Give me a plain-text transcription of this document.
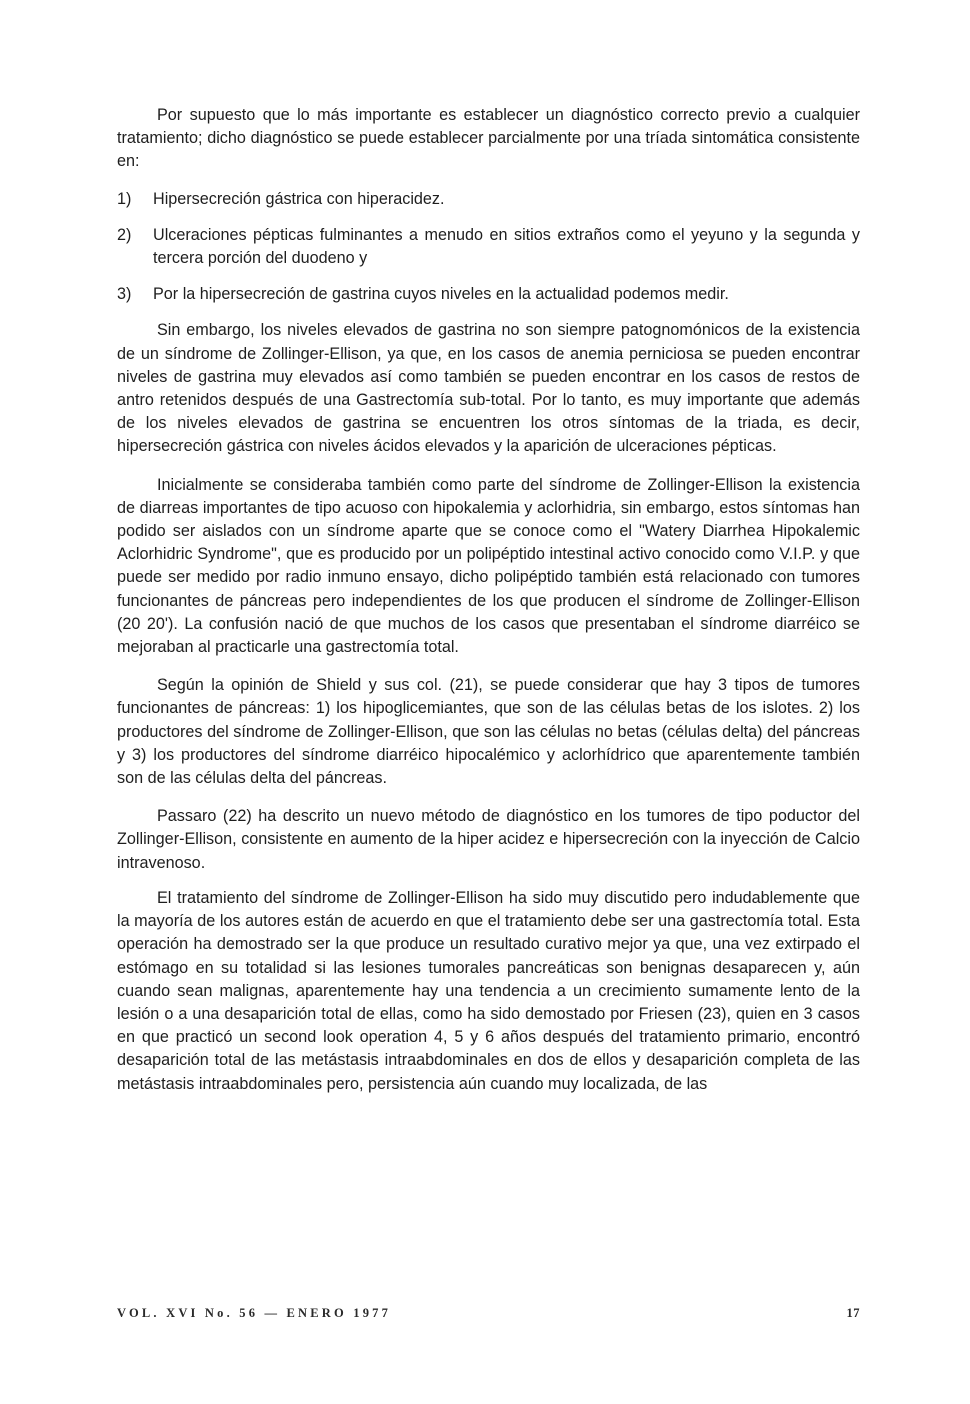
Por supuesto que lo más importante es establecer un diagnóstico correcto previo a cualquier tratamiento; dicho diagnóstico se puede establecer parcialmente por una tríada sintomática consistente en:

1)	Hipersecreción gástrica con hiperacidez.
2)	Ulceraciones pépticas fulminantes a menudo en sitios extraños como el yeyuno y la segunda y tercera porción del duodeno y
3)	Por la hipersecreción de gastrina cuyos niveles en la actualidad podemos medir.

Sin embargo, los niveles elevados de gastrina no son siempre patognomónicos de la existencia de un síndrome de Zollinger-Ellison, ya que, en los casos de anemia perniciosa se pueden encontrar niveles de gastrina muy elevados así como también se pueden encontrar en los casos de restos de antro retenidos después de una Gastrectomía sub-total. Por lo tanto, es muy importante que además de los niveles elevados de gastrina se encuentren los otros síntomas de la triada, es decir, hipersecreción gástrica con niveles ácidos elevados y la aparición de ulceraciones pépticas.

Inicialmente se consideraba también como parte del síndrome de Zollinger-Ellison la existencia de diarreas importantes de tipo acuoso con hipokalemia y aclorhidria, sin embargo, estos síntomas han podido ser aislados con un síndrome aparte que se conoce como el "Watery Diarrhea Hipokalemic Aclorhidric Syndrome", que es producido por un polipéptido intestinal activo conocido como V.I.P. y que puede ser medido por radio inmuno ensayo, dicho polipéptido también está relacionado con tumores funcionantes de páncreas pero independientes de los que producen el síndrome de Zollinger-Ellison (20 20'). La confusión nació de que muchos de los casos que presentaban el síndrome diarréico se mejoraban al practicarle una gastrectomía total.

Según la opinión de Shield y sus col. (21), se puede considerar que hay 3 tipos de tumores funcionantes de páncreas: 1) los hipoglicemiantes, que son de las células betas de los islotes. 2) los productores del síndrome de Zollinger-Ellison, que son las células no betas (células delta) del páncreas y 3) los productores del síndrome diarréico hipocalémico y aclorhídrico que aparentemente también son de las células delta del páncreas.

Passaro (22) ha descrito un nuevo método de diagnóstico en los tumores de tipo poductor del Zollinger-Ellison, consistente en aumento de la hiper acidez e hipersecreción con la inyección de Calcio intravenoso.

El tratamiento del síndrome de Zollinger-Ellison ha sido muy discutido pero indudablemente que la mayoría de los autores están de acuerdo en que el tratamiento debe ser una gastrectomía total. Esta operación ha demostrado ser la que produce un resultado curativo mejor ya que, una vez extirpado el estómago en su totalidad si las lesiones tumorales pancreáticas son benignas desaparecen y, aún cuando sean malignas, aparentemente hay una tendencia a un crecimiento sumamente lento de la lesión o a una desaparición total de ellas, como ha sido demostado por Friesen (23), quien en 3 casos en que practicó un second look operation 4, 5 y 6 años después del tratamiento primario, encontró desaparición total de las metástasis intraabdominales en dos de ellos y desaparición completa de las metástasis intraabdominales pero, persistencia aún cuando muy localizada, de las

VOL. XVI No. 56 — ENERO 1977	17
